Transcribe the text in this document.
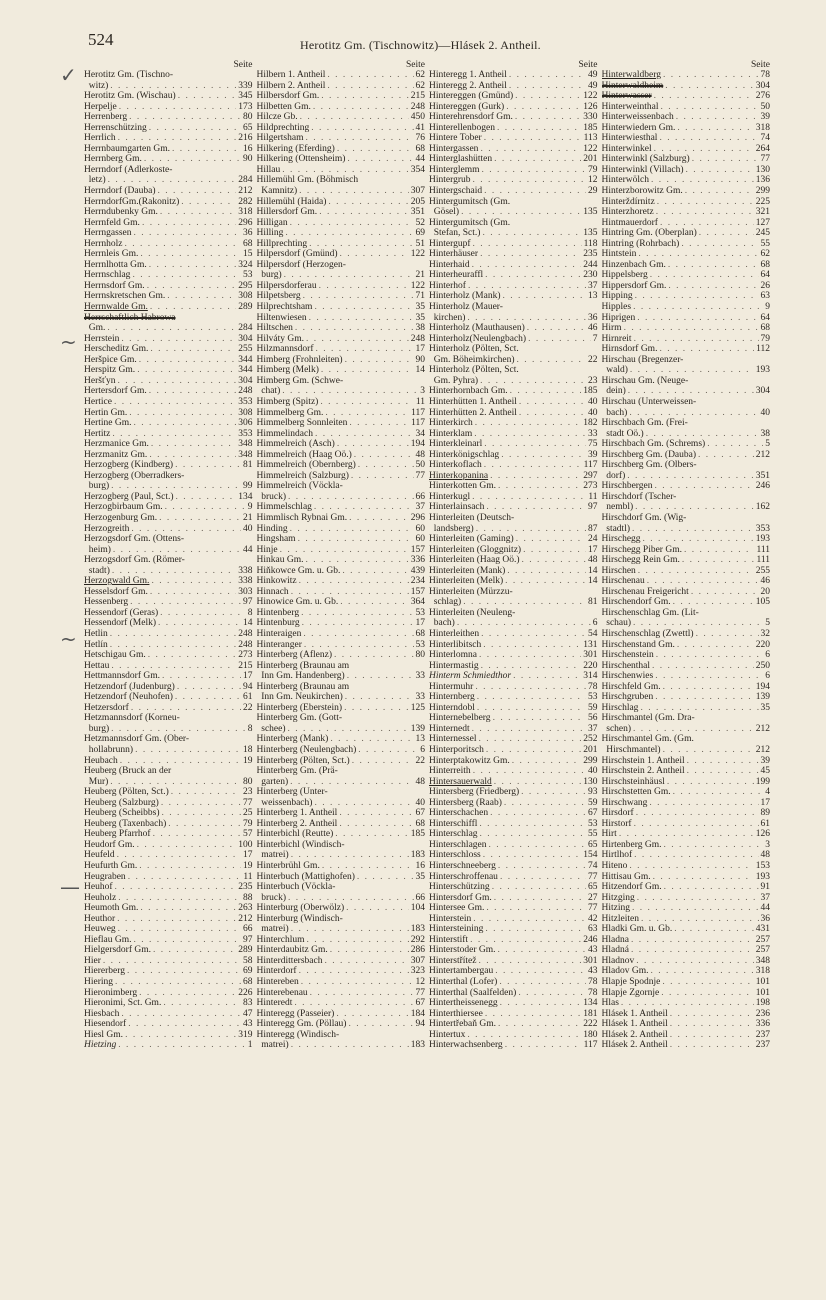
524	Herotitz Gm. (Tischnowitz)—Hlásek 2. Antheil.
Seite
Herotitz Gm. (Tischno-
witz) . . .	339
Herotitz Gm. (Wischau) . . .	345
Herpelje . . .	173
Herrenberg . . .	80
Herrenschützing . . .	65
Herrlich . . .	216
Herrnbaumgarten Gm. . . .	16
Herrnberg Gm. . . .	90
Herrndorf (Adlerkoste-
letz) . . .	284
Herrndorf (Dauba) . . .	212
HerrndorfGm.(Rakonitz) . . .	282
Herrndubenky Gm. . . .	318
Herrnfeld Gm. . . .	296
Herrngassen . . .	36
Herrnholz . . .	68
Herrnleis Gm. . . .	15
Herrnlhotta Gm. . . .	324
Herrnschlag . . .	53
Herrnsdorf Gm. . . .	295
Herrnskretschen Gm. . . .	308
Herrnwalde Gm. . . .	289
Herrschaftlich Habrowa
Gm. . . .	284
Herrstein . . .	304
Herscheditz Gm. . . .	255
Heršpice Gm. . . .	344
Herspitz Gm. . . .	344
Heršťyn . . .	304
Hertersdorf Gm. . . .	248
Hertice . . .	353
Hertin Gm. . . .	308
Hertine Gm. . . .	306
Hertitz . . .	353
Herzmanice Gm. . . .	348
Herzmanitz Gm. . . .	348
Herzogberg (Kindberg) . . .	81
Herzogberg (Oberradkers-
burg) . . .	99
Herzogberg (Paul, Sct.) . . .	134
Herzogbirbaum Gm. . . .	9
Herzogenburg Gm. . . .	21
Herzogreith . . .	40
Herzogsdorf Gm. (Ottens-
heim) . . .	44
Herzogsdorf Gm. (Römer-
stadt) . . .	338
Herzogwald Gm. . . .	338
Hesselsdorf Gm. . . .	303
Hessenberg . . .	97
Hessendorf (Geras) . . .	8
Hessendorf (Melk) . . .	14
Hetlin . . .	248
Hetlín . . .	248
Hetschigau Gm. . . .	273
Hettau . . .	215
Hettmannsdorf Gm. . . .	17
Hetzendorf (Judenburg) . . .	94
Hetzendorf (Neuhofen) . . .	61
Hetzersdorf . . .	22
Hetzmannsdorf (Korneu-
burg) . . .	8
Hetzmannsdorf Gm. (Ober-
hollabrunn) . . .	18
Heubach . . .	19
Heuberg (Bruck an der
Mur) . . .	80
Heuberg (Pölten, Sct.) . . .	23
Heuberg (Salzburg) . . .	77
Heuberg (Scheibbs) . . .	25
Heuberg (Taxenbach) . . .	79
Heuberg Pfarrhof . . .	57
Heudorf Gm. . . .	100
Heufeld . . .	17
Heufurth Gm. . . .	19
Heugraben . . .	11
Heuhof . . .	235
Heuholz . . .	88
Heumoth Gm. . . .	263
Heuthor . . .	212
Heuweg . . .	66
Hieflau Gm. . . .	97
Hielgersdorf Gm. . . .	289
Hier . . .	58
Hiererberg . . .	69
Hiering . . .	68
Hieronimberg . . .	226
Hieronimi, Sct. Gm. . . .	83
Hiesbach . . .	47
Hiesendorf . . .	43
Hiesl Gm. . . .	319
Hietzing . . .	1
Seite
Hilbern 1. Antheil . . .	62
Hilbern 2. Antheil . . .	62
Hilbersdorf Gm. . . .	215
Hilbetten Gm. . . .	248
Hilcze Gb. . . .	450
Hildprechting . . .	41
Hilgertsham . . .	76
Hilkering (Eferding) . . .	68
Hilkering (Ottensheim) . . .	44
Hillau . . .	354
Hillemühl Gm. (Böhmisch
Kamnitz) . . .	307
Hillemühl (Haida) . . .	205
Hillersdorf Gm. . . .	351
Hilligan . . .	52
Hilling . . .	69
Hillprechting . . .	51
Hilpersdorf (Gmünd) . . .	122
Hilpersdorf (Herzogen-
burg) . . .	21
Hilpersdorferau . . .	122
Hilpetsberg . . .	71
Hilprechtsham . . .	35
Hiltenwiesen . . .	35
Hiltschen . . .	38
Hilváty Gm. . . .	248
Hilzmannsdorf . . .	17
Himberg (Frohnleiten) . . .	90
Himberg (Melk) . . .	14
Himberg Gm. (Schwe-
chat) . . .	3
Himberg (Spitz) . . .	11
Himmelberg Gm. . . .	117
Himmelberg Sonnleiten . . .	117
Himmelindach . . .	34
Himmelreich (Asch) . . .	194
Himmelreich (Haag Oö.) . . .	48
Himmelreich (Obernberg) . . .	50
Himmelreich (Salzburg) . . .	77
Himmelreich (Vöckla-
bruck) . . .	66
Himmelschlag . . .	37
Himmlisch Rybnai Gm. . . .	296
Hinding . . .	60
Hingsham . . .	60
Hinje . . .	157
Hinkau Gm. . . .	336
Hiňkowce Gm. u. Gb. . . .	439
Hinkowitz . . .	234
Hinnach . . .	157
Hinowice Gm. u. Gb. . . .	364
Hintenberg . . .	53
Hintenburg . . .	17
Hinteraigen . . .	68
Hinteranger . . .	53
Hinterberg (Aflenz) . . .	80
Hinterberg (Braunau am
Inn Gm. Handenberg) . . .	33
Hinterberg (Braunau am
Inn Gm. Neukirchen) . . .	33
Hinterberg (Eberstein) . . .	125
Hinterberg Gm. (Gott-
schee) . . .	139
Hinterberg (Mank) . . .	13
Hinterberg (Neulengbach) . . .	6
Hinterberg (Pölten, Sct.) . . .	22
Hinterberg Gm. (Prä-
garten) . . .	48
Hinterberg (Unter-
weissenbach) . . .	40
Hinterberg 1. Antheil . . .	67
Hinterberg 2. Antheil . . .	68
Hinterbichl (Reutte) . . .	185
Hinterbichl (Windisch-
matrei) . . .	183
Hinterbrühl Gm. . . .	16
Hinterbuch (Mattighofen) . . .	35
Hinterbuch (Vöckla-
bruck) . . .	66
Hinterburg (Oberwölz) . . .	104
Hinterburg (Windisch-
matrei) . . .	183
Hinterchlum . . .	292
Hinterdaubitz Gm. . . .	286
Hinterdittersbach . . .	307
Hinterdorf . . .	323
Hintereben . . .	12
Hinterebenau . . .	77
Hinteredt . . .	67
Hinteregg (Passeier) . . .	184
Hinteregg Gm. (Pöllau) . . .	94
Hinteregg (Windisch-
matrei) . . .	183
Seite
Hinteregg 1. Antheil . . .	49
Hinteregg 2. Antheil . . .	49
Hintereggen (Gmünd) . . .	122
Hintereggen (Gurk) . . .	126
Hinterehrensdorf Gm. . . .	330
Hinterellenbogen . . .	185
Hintere Tober . . .	113
Hintergassen . . .	122
Hinterglashütten . . .	201
Hinterglemm . . .	79
Hintergrub . . .	12
Hintergschaid . . .	29
Hintergumitsch (Gm.
Gösel) . . .	135
Hintergumitsch (Gm.
Stefan, Sct.) . . .	135
Hintergupf . . .	118
Hinterhäuser . . .	235
Hinterhaid . . .	244
Hinterheuraffl . . .	230
Hinterhof . . .	37
Hinterholz (Mank) . . .	13
Hinterholz (Mauer-
kirchen) . . .	36
Hinterholz (Mauthausen) . . .	46
Hinterholz(Neulengbach) . . .	7
Hinterholz (Pölten, Sct.
Gm. Böheimkirchen) . . .	22
Hinterholz (Pölten, Sct.
Gm. Pyhra) . . .	23
Hinterhornbach Gm. . . .	185
Hinterhütten 1. Antheil . . .	40
Hinterhütten 2. Antheil . . .	40
Hinterkirch . . .	182
Hinterklam . . .	33
Hinterkleinarl . . .	75
Hinterkönigschlag . . .	39
Hinterkoflach . . .	117
Hinterkopanina . . .	297
Hinterkotten Gm. . . .	273
Hinterkugl . . .	11
Hinterlainsach . . .	97
Hinterleiten (Deutsch-
landsberg) . . .	87
Hinterleiten (Gaming) . . .	24
Hinterleiten (Gloggnitz) . . .	17
Hinterleiten (Haag Oö.) . . .	48
Hinterleiten (Mank) . . .	14
Hinterleiten (Melk) . . .	14
Hinterleiten (Mürzzu-
schlag) . . .	81
Hinterleiten (Neuleng-
bach) . . .	6
Hinterleithen . . .	54
Hinterlibitsch . . .	131
Hinterlomna . . .	301
Hintermastig . . .	220
Hinterm Schmiedthor . . .	314
Hintermuhr . . .	78
Hinternberg . . .	53
Hinterndobl . . .	59
Hinternebelberg . . .	56
Hinternedt . . .	37
Hinternessel . . .	252
Hinterporitsch . . .	201
Hinterptakowitz Gm. . . .	299
Hinterreith . . .	40
Hintersauerwald . . .	130
Hintersberg (Friedberg) . . .	93
Hintersberg (Raab) . . .	59
Hinterschachen . . .	67
Hinterschiffl . . .	53
Hinterschlag . . .	55
Hinterschlagen . . .	65
Hinterschloss . . .	154
Hinterschneeberg . . .	74
Hinterschroffenau . . .	77
Hinterschützing . . .	65
Hintersdorf Gm. . . .	27
Hintersee Gm. . . .	77
Hinterstein . . .	42
Hintersteining . . .	63
Hinterstift . . .	246
Hinterstoder Gm. . . .	43
Hinterstřítež . . .	301
Hintertambergau . . .	43
Hinterthal (Lofer) . . .	78
Hinterthal (Saalfelden) . . .	78
Hintertheissenegg . . .	134
Hinterthiersee . . .	181
Hintertřebaň Gm. . . .	222
Hintertux . . .	180
Hinterwachsenberg . . .	117
Seite
Hinterwaldberg . . .	78
Hinterwaldheim . . .	304
Hinterwasser . . .	276
Hinterweinthal . . .	50
Hinterweissenbach . . .	39
Hinterwiedern Gm. . . .	318
Hinterwiesthal . . .	74
Hinterwinkel . . .	264
Hinterwinkl (Salzburg) . . .	77
Hinterwinkl (Villach) . . .	130
Hinterwölch . . .	136
Hinterzborowitz Gm. . . .	299
Hinterždírnitz . . .	225
Hinterzhoretz . . .	321
Hintmauerdorf . . .	127
Hintring Gm. (Oberplan) . . .	245
Hintring (Rohrbach) . . .	55
Hintstein . . .	62
Hinzenbach Gm. . . .	68
Hippelsberg . . .	64
Hippersdorf Gm. . . .	26
Hipping . . .	63
Hipples . . .	9
Hiprigen . . .	64
Hirm . . .	68
Hirnreit . . .	79
Hirnsdorf Gm. . . .	112
Hirschau (Bregenzer-
wald) . . .	193
Hirschau Gm. (Neuge-
dein) . . .	304
Hirschau (Unterweissen-
bach) . . .	40
Hirschbach Gm. (Frei-
stadt Oö.) . . .	38
Hirschbach Gm. (Schrems) . . .	5
Hirschberg Gm. (Dauba) . . .	212
Hirschberg Gm. (Olbers-
dorf) . . .	351
Hirschbergen . . .	246
Hirschdorf (Tscher-
nembl) . . .	162
Hirschdorf Gm. (Wig-
stadtl) . . .	353
Hirschegg . . .	193
Hirschegg Piber Gm. . . .	111
Hirschegg Rein Gm. . . .	111
Hirschen . . .	255
Hirschenau . . .	46
Hirschenau Freigericht . . .	20
Hirschendorf Gm. . . .	105
Hirschenschlag Gm. (Lit-
schau) . . .	5
Hirschenschlag (Zwettl) . . .	32
Hirschenstand Gm. . . .	220
Hirschenstein . . .	6
Hirschenthal . . .	250
Hirschenwies . . .	6
Hirschfeld Gm. . . .	194
Hirschgruben . . .	139
Hirschlag . . .	35
Hirschmantel (Gm. Dra-
schen) . . .	212
Hirschmantel Gm. (Gm.
Hirschmantel) . . .	212
Hirschstein 1. Antheil . . .	39
Hirschstein 2. Antheil . . .	45
Hirschsteinhäusl . . .	199
Hirschstetten Gm. . . .	4
Hirschwang . . .	17
Hirsdorf . . .	89
Hirstorf . . .	61
Hirt . . .	126
Hirtenberg Gm. . . .	3
Hirtlhof . . .	48
Hiteno . . .	153
Hittisau Gm. . . .	193
Hitzendorf Gm. . . .	91
Hitzging . . .	37
Hitzing . . .	44
Hitzleiten . . .	36
Hladki Gm. u. Gb. . . .	431
Hladna . . .	257
Hladná . . .	257
Hladnov . . .	348
Hladov Gm. . . .	318
Hlapje Spodnje . . .	101
Hlapje Zgornje . . .	101
Hlas . . .	198
Hlásek 1. Antheil . . .	236
Hlásek 1. Antheil . . .	336
Hlásek 2. Antheil . . .	237
Hlásek 2. Antheil . . .	237
✓
~
~
—
